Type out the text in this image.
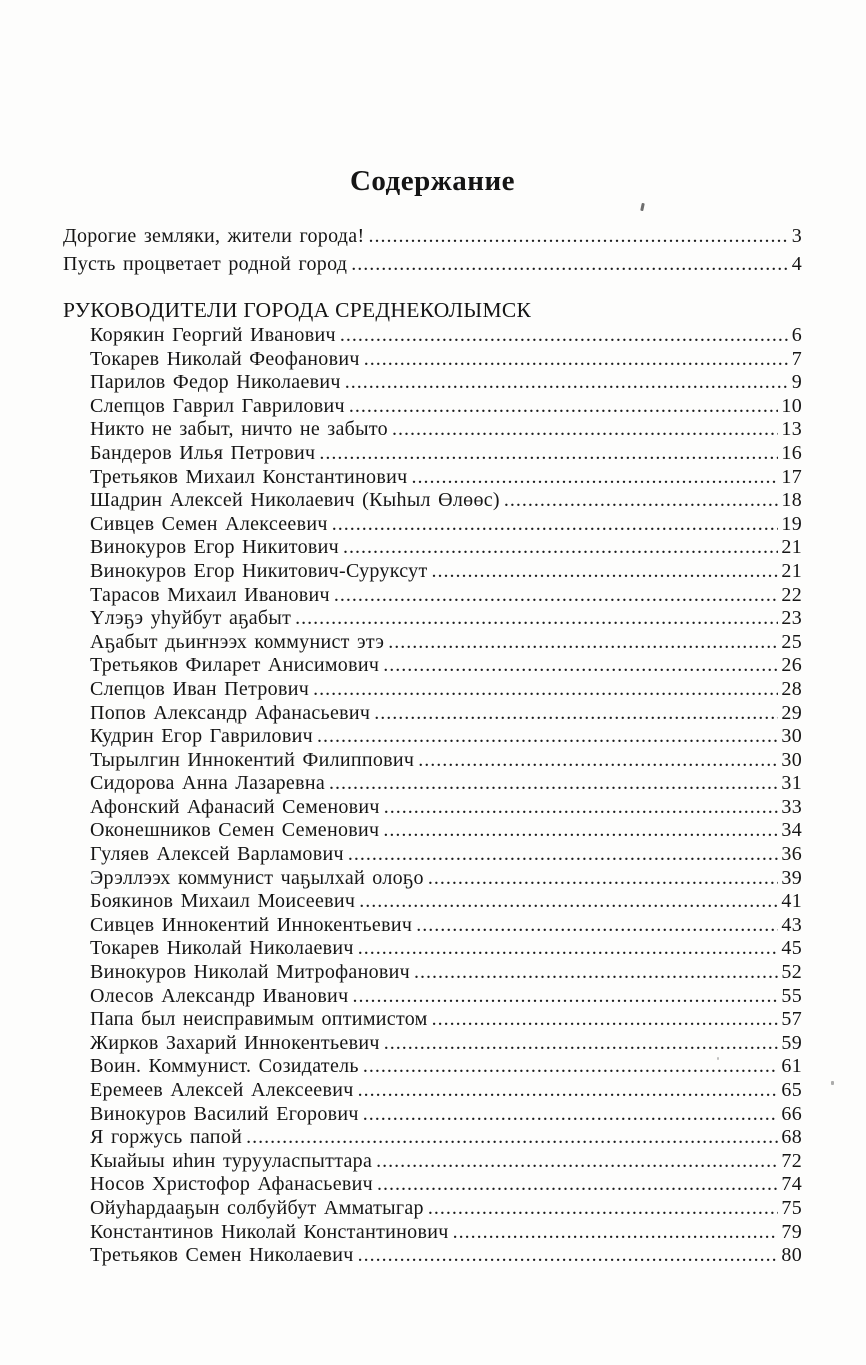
Содержание
Дорогие земляки, жители города! .....	3
Пусть процветает родной город .....	4
РУКОВОДИТЕЛИ ГОРОДА СРЕДНЕКОЛЫМСК
Корякин Георгий Иванович .....	6
Токарев Николай Феофанович .....	7
Парилов Федор Николаевич .....	9
Слепцов Гаврил Гаврилович .....	10
Никто не забыт, ничто не забыто .....	13
Бандеров Илья Петрович .....	16
Третьяков Михаил Константинович .....	17
Шадрин Алексей Николаевич (Кыһыл Өлөөс) .....	18
Сивцев Семен Алексеевич .....	19
Винокуров Егор Никитович .....	21
Винокуров Егор Никитович-Суруксут .....	21
Тарасов Михаил Иванович .....	22
Үлэҕэ уһуйбут аҕабыт .....	23
Аҕабыт дьиҥнээх коммунист этэ .....	25
Третьяков Филарет Анисимович .....	26
Слепцов Иван Петрович .....	28
Попов Александр Афанасьевич .....	29
Кудрин Егор Гаврилович .....	30
Тырылгин Иннокентий Филиппович .....	30
Сидорова Анна Лазаревна .....	31
Афонский Афанасий Семенович .....	33
Оконешников Семен Семенович .....	34
Гуляев Алексей Варламович .....	36
Эрэллээх коммунист чаҕылхай олоҕо .....	39
Боякинов Михаил Моисеевич .....	41
Сивцев Иннокентий Иннокентьевич .....	43
Токарев Николай Николаевич .....	45
Винокуров Николай Митрофанович .....	52
Олесов Александр Иванович .....	55
Папа был неисправимым оптимистом .....	57
Жирков Захарий Иннокентьевич .....	59
Воин. Коммунист. Созидатель .....	61
Еремеев Алексей Алексеевич .....	65
Винокуров Василий Егорович .....	66
Я горжусь папой .....	68
Кыайыы иһин турууласпыттара .....	72
Носов Христофор Афанасьевич .....	74
Ойуһардааҕын солбуйбут Амматыгар .....	75
Константинов Николай Константинович .....	79
Третьяков Семен Николаевич .....	80
